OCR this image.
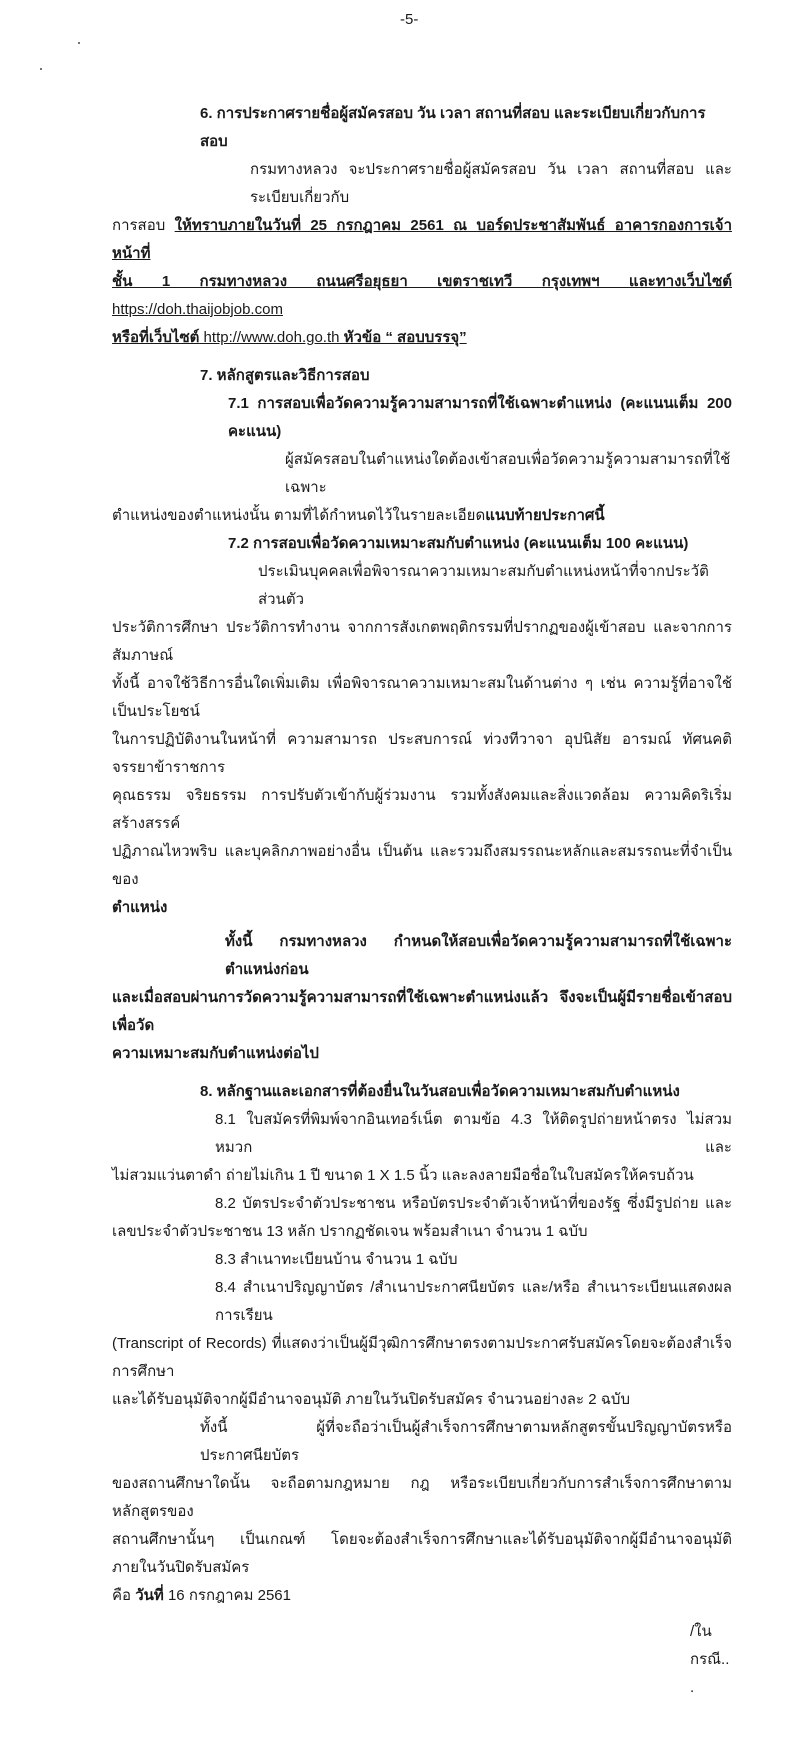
-5-
6. การประกาศรายชื่อผู้สมัครสอบ วัน เวลา สถานที่สอบ และระเบียบเกี่ยวกับการสอบ
กรมทางหลวง จะประกาศรายชื่อผู้สมัครสอบ วัน เวลา สถานที่สอบ และระเบียบเกี่ยวกับ
การสอบ ให้ทราบภายในวันที่ 25 กรกฎาคม 2561 ณ บอร์ดประชาสัมพันธ์ อาคารกองการเจ้าหน้าที่
ชั้น 1 กรมทางหลวง ถนนศรีอยุธยา เขตราชเทวี กรุงเทพฯ และทางเว็บไซต์ https://doh.thaijobjob.com
หรือที่เว็บไซต์ http://www.doh.go.th หัวข้อ “ สอบบรรจุ”
7. หลักสูตรและวิธีการสอบ
7.1 การสอบเพื่อวัดความรู้ความสามารถที่ใช้เฉพาะตำแหน่ง (คะแนนเต็ม 200 คะแนน)
ผู้สมัครสอบในตำแหน่งใดต้องเข้าสอบเพื่อวัดความรู้ความสามารถที่ใช้เฉพาะ
ตำแหน่งของตำแหน่งนั้น ตามที่ได้กำหนดไว้ในรายละเอียดแนบท้ายประกาศนี้
7.2 การสอบเพื่อวัดความเหมาะสมกับตำแหน่ง (คะแนนเต็ม 100 คะแนน)
ประเมินบุคคลเพื่อพิจารณาความเหมาะสมกับตำแหน่งหน้าที่จากประวัติส่วนตัว
ประวัติการศึกษา ประวัติการทำงาน จากการสังเกตพฤติกรรมที่ปรากฏของผู้เข้าสอบ และจากการสัมภาษณ์
ทั้งนี้ อาจใช้วิธีการอื่นใดเพิ่มเติม เพื่อพิจารณาความเหมาะสมในด้านต่าง ๆ เช่น ความรู้ที่อาจใช้เป็นประโยชน์
ในการปฏิบัติงานในหน้าที่ ความสามารถ ประสบการณ์ ท่วงทีวาจา อุปนิสัย อารมณ์ ทัศนคติ จรรยาข้าราชการ
คุณธรรม จริยธรรม การปรับตัวเข้ากับผู้ร่วมงาน รวมทั้งสังคมและสิ่งแวดล้อม ความคิดริเริ่มสร้างสรรค์
ปฏิภาณไหวพริบ และบุคลิกภาพอย่างอื่น เป็นต้น และรวมถึงสมรรถนะหลักและสมรรถนะที่จำเป็นของ
ตำแหน่ง
ทั้งนี้ กรมทางหลวง กำหนดให้สอบเพื่อวัดความรู้ความสามารถที่ใช้เฉพาะตำแหน่งก่อน
และเมื่อสอบผ่านการวัดความรู้ความสามารถที่ใช้เฉพาะตำแหน่งแล้ว จึงจะเป็นผู้มีรายชื่อเข้าสอบเพื่อวัด
ความเหมาะสมกับตำแหน่งต่อไป
8. หลักฐานและเอกสารที่ต้องยื่นในวันสอบเพื่อวัดความเหมาะสมกับตำแหน่ง
8.1 ใบสมัครที่พิมพ์จากอินเทอร์เน็ต ตามข้อ 4.3 ให้ติดรูปถ่ายหน้าตรง ไม่สวมหมวก และ
ไม่สวมแว่นตาดำ ถ่ายไม่เกิน 1 ปี ขนาด 1 X 1.5 นิ้ว และลงลายมือชื่อในใบสมัครให้ครบถ้วน
8.2 บัตรประจำตัวประชาชน หรือบัตรประจำตัวเจ้าหน้าที่ของรัฐ ซึ่งมีรูปถ่าย และ
เลขประจำตัวประชาชน 13 หลัก ปรากฏชัดเจน พร้อมสำเนา จำนวน 1 ฉบับ
8.3 สำเนาทะเบียนบ้าน จำนวน 1 ฉบับ
8.4 สำเนาปริญญาบัตร /สำเนาประกาศนียบัตร และ/หรือ สำเนาระเบียนแสดงผลการเรียน
(Transcript of Records) ที่แสดงว่าเป็นผู้มีวุฒิการศึกษาตรงตามประกาศรับสมัครโดยจะต้องสำเร็จการศึกษา
และได้รับอนุมัติจากผู้มีอำนาจอนุมัติ ภายในวันปิดรับสมัคร จำนวนอย่างละ 2 ฉบับ
ทั้งนี้ ผู้ที่จะถือว่าเป็นผู้สำเร็จการศึกษาตามหลักสูตรขั้นปริญญาบัตรหรือประกาศนียบัตร
ของสถานศึกษาใดนั้น จะถือตามกฎหมาย กฎ หรือระเบียบเกี่ยวกับการสำเร็จการศึกษาตามหลักสูตรของ
สถานศึกษานั้นๆ เป็นเกณฑ์ โดยจะต้องสำเร็จการศึกษาและได้รับอนุมัติจากผู้มีอำนาจอนุมัติภายในวันปิดรับสมัคร
คือ วันที่ 16 กรกฎาคม 2561
/ในกรณี...
